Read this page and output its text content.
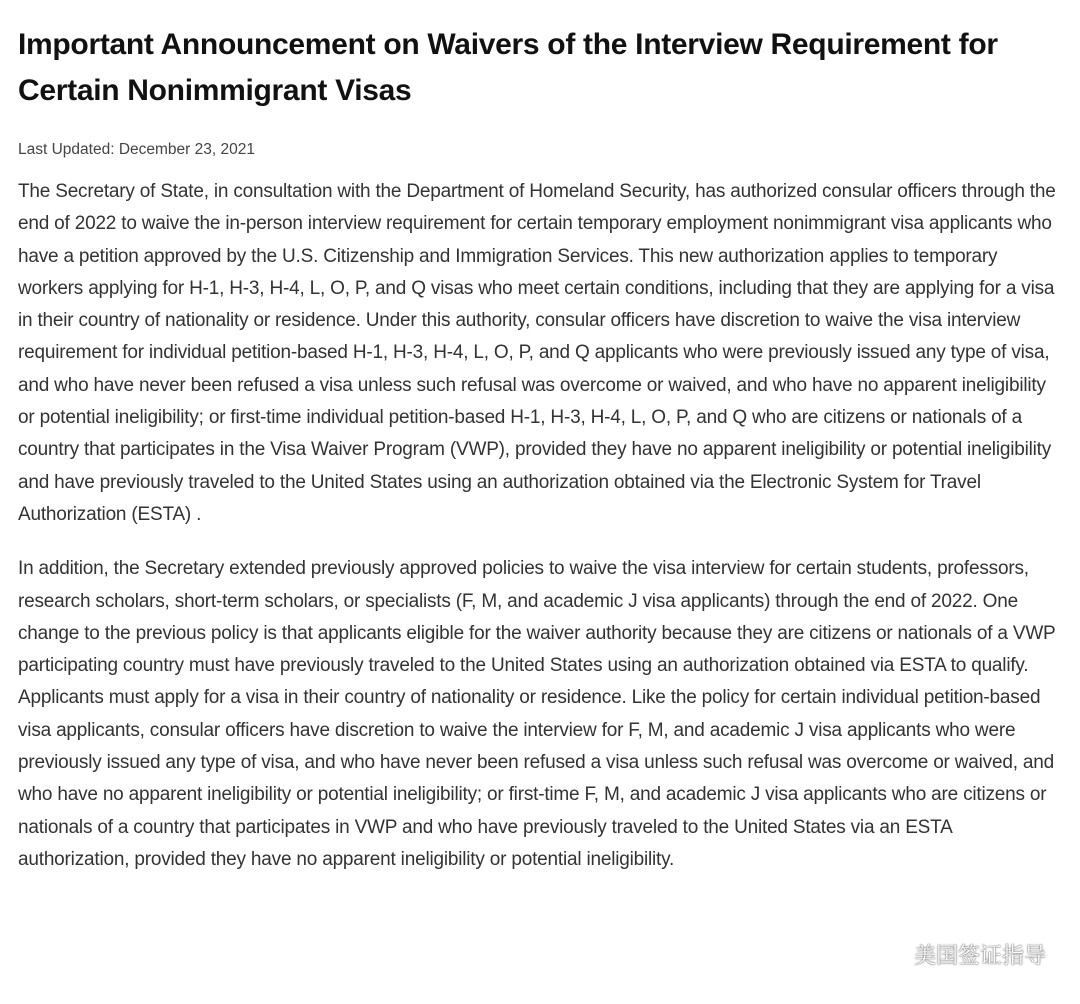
Important Announcement on Waivers of the Interview Requirement for Certain Nonimmigrant Visas
Last Updated: December 23, 2021

The Secretary of State, in consultation with the Department of Homeland Security, has authorized consular officers through the end of 2022 to waive the in-person interview requirement for certain temporary employment nonimmigrant visa applicants who have a petition approved by the U.S. Citizenship and Immigration Services. This new authorization applies to temporary workers applying for H-1, H-3, H-4, L, O, P, and Q visas who meet certain conditions, including that they are applying for a visa in their country of nationality or residence. Under this authority, consular officers have discretion to waive the visa interview requirement for individual petition-based H-1, H-3, H-4, L, O, P, and Q applicants who were previously issued any type of visa, and who have never been refused a visa unless such refusal was overcome or waived, and who have no apparent ineligibility or potential ineligibility; or first-time individual petition-based H-1, H-3, H-4, L, O, P, and Q who are citizens or nationals of a country that participates in the Visa Waiver Program (VWP), provided they have no apparent ineligibility or potential ineligibility and have previously traveled to the United States using an authorization obtained via the Electronic System for Travel Authorization (ESTA) .

In addition, the Secretary extended previously approved policies to waive the visa interview for certain students, professors, research scholars, short-term scholars, or specialists (F, M, and academic J visa applicants) through the end of 2022. One change to the previous policy is that applicants eligible for the waiver authority because they are citizens or nationals of a VWP participating country must have previously traveled to the United States using an authorization obtained via ESTA to qualify. Applicants must apply for a visa in their country of nationality or residence. Like the policy for certain individual petition-based visa applicants, consular officers have discretion to waive the interview for F, M, and academic J visa applicants who were previously issued any type of visa, and who have never been refused a visa unless such refusal was overcome or waived, and who have no apparent ineligibility or potential ineligibility; or first-time F, M, and academic J visa applicants who are citizens or nationals of a country that participates in VWP and who have previously traveled to the United States via an ESTA authorization, provided they have no apparent ineligibility or potential ineligibility.

美国签证指导
